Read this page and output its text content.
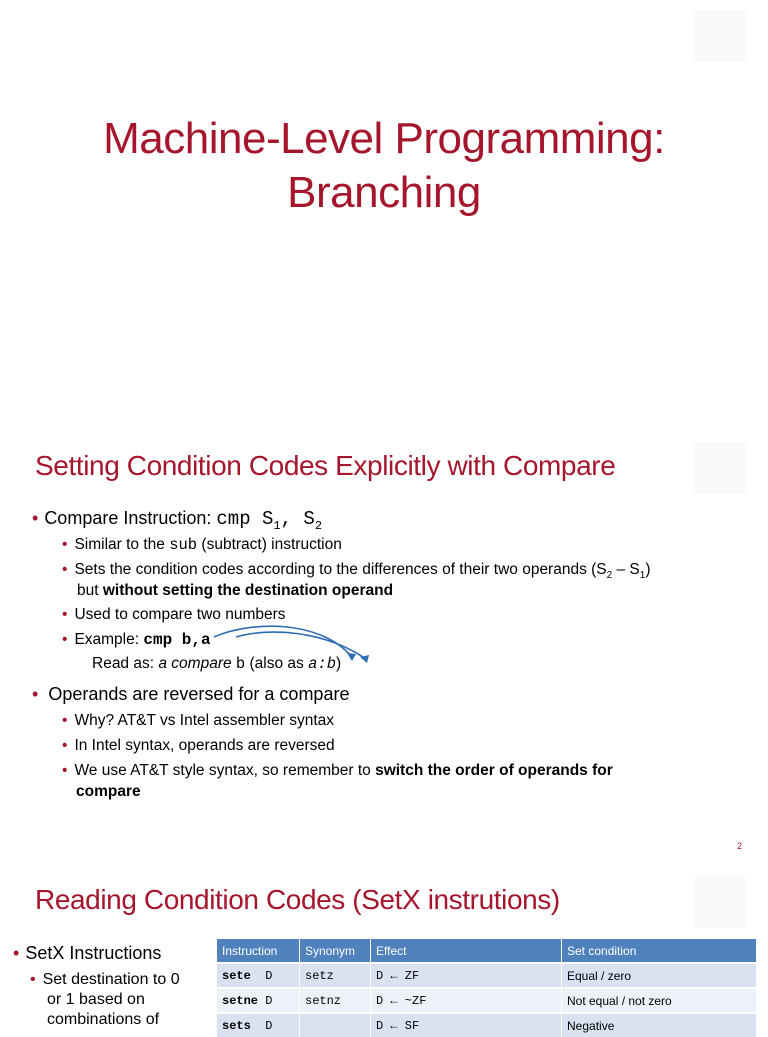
Machine-Level Programming:
Branching
Setting Condition Codes Explicitly with Compare
• Compare Instruction: cmp $S_1$, $S_2$
• Similar to the sub (subtract) instruction
• Sets the condition codes according to the differences of their two operands $(S_2 - S_1)$
but without setting the destination operand
• Used to compare two numbers
• Example: cmp b,a
Read as: a compare b (also as a:b)
• Operands are reversed for a compare
• Why? AT&T vs Intel assembler syntax
• In Intel syntax, operands are reversed
• We use AT&T style syntax, so remember to switch the order of operands for
compare
2
Reading Condition Codes (SetX instrutions)
• SetX Instructions
• Set destination to 0
or 1 based on
combinations of
Instruction	Synonym	Effect	Set condition
sete D	setz	D ← ZF	Equal / zero
setne D	setnz	D ← ~ZF	Not equal / not zero
sets D		D ← SF	Negative
